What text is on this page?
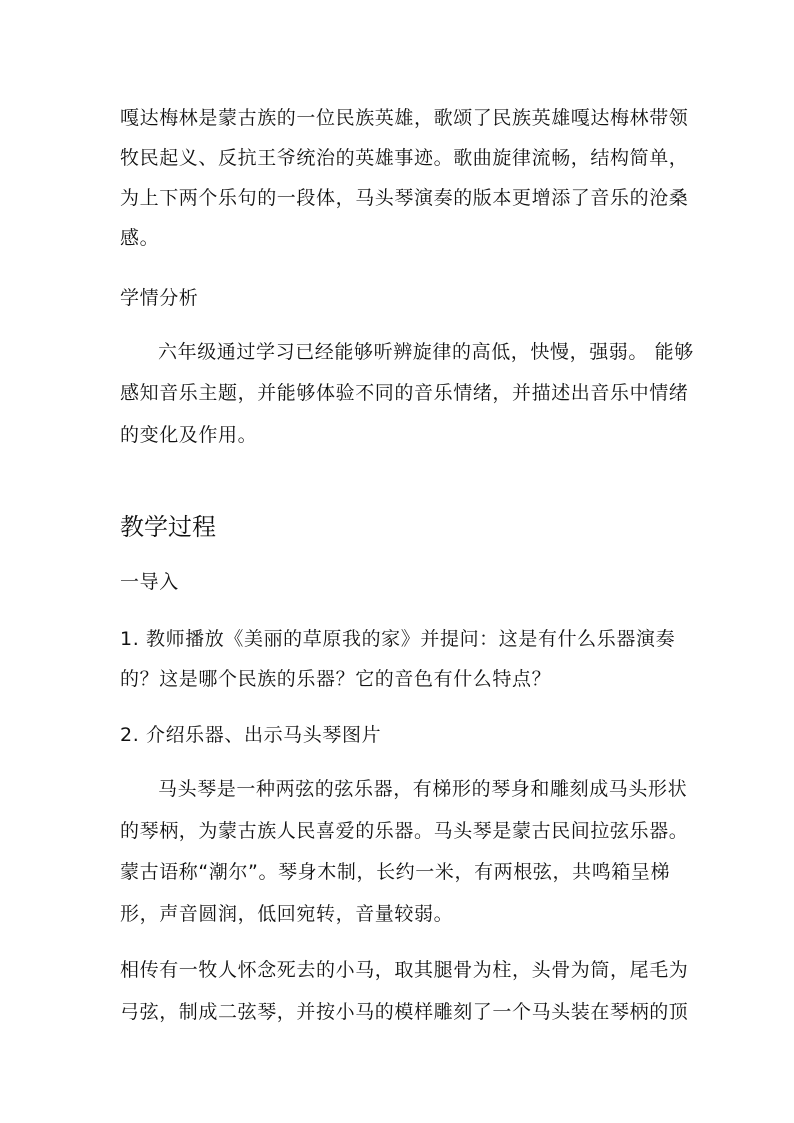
嘎达梅林是蒙古族的一位民族英雄，歌颂了民族英雄嘎达梅林带领
牧民起义、反抗王爷统治的英雄事迹。歌曲旋律流畅，结构简单，
为上下两个乐句的一段体，马头琴演奏的版本更增添了音乐的沧桑
感。
学情分析
六年级通过学习已经能够听辨旋律的高低，快慢，强弱。 能够
感知音乐主题，并能够体验不同的音乐情绪，并描述出音乐中情绪
的变化及作用。
教学过程
一导入
1. 教师播放《美丽的草原我的家》并提问：这是有什么乐器演奏
的？这是哪个民族的乐器？它的音色有什么特点？
2. 介绍乐器、出示马头琴图片
马头琴是一种两弦的弦乐器，有梯形的琴身和雕刻成马头形状
的琴柄，为蒙古族人民喜爱的乐器。马头琴是蒙古民间拉弦乐器。
蒙古语称“潮尔”。琴身木制，长约一米，有两根弦，共鸣箱呈梯
形，声音圆润，低回宛转，音量较弱。
相传有一牧人怀念死去的小马，取其腿骨为柱，头骨为筒，尾毛为
弓弦，制成二弦琴，并按小马的模样雕刻了一个马头装在琴柄的顶
